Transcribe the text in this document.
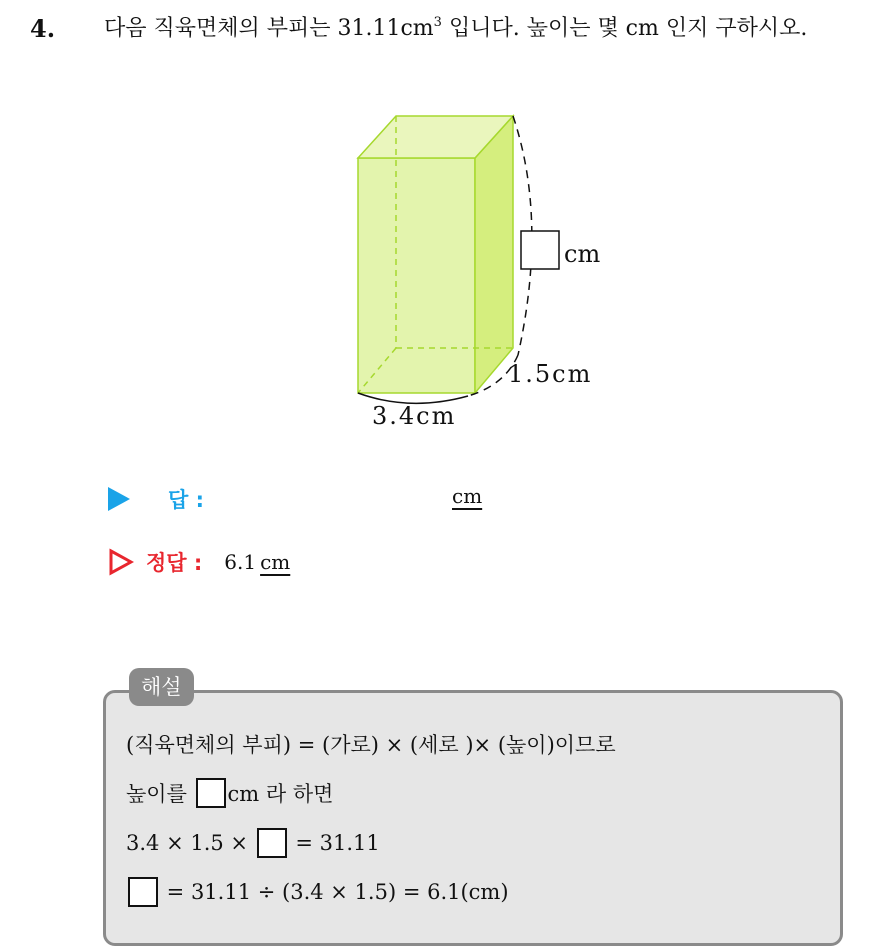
4. 다음 직육면체의 부피는 $31.11cm^3$ 입니다. 높이는 몇 cm 인지 구하시오.
cm
1.5cm
3.4cm
답 :	cm
정답 : 6.1 cm
해설
(직육면체의 부피) = (가로) × (세로 )× (높이)이므로
높이를 cm 라 하면
3.4 × 1.5 × = 31.11
= 31.11 ÷ (3.4 × 1.5) = 6.1(cm)
